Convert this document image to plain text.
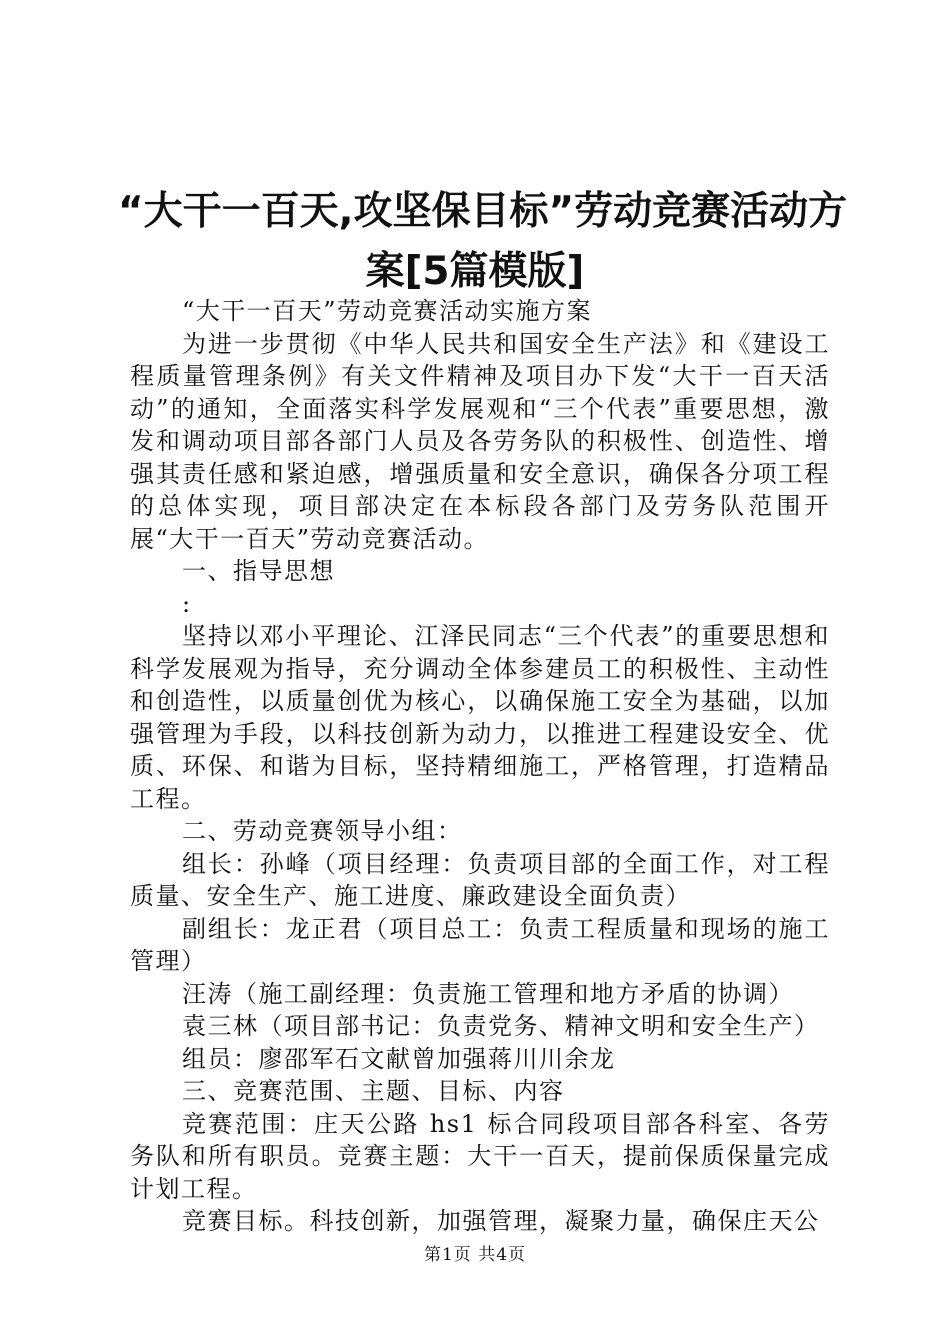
“大干一百天,攻坚保目标”劳动竞赛活动方
案[5篇模版]

“大干一百天”劳动竞赛活动实施方案

为进一步贯彻《中华人民共和国安全生产法》和《建设工程质量管理条例》有关文件精神及项目办下发“大干一百天活动”的通知，全面落实科学发展观和“三个代表”重要思想，激发和调动项目部各部门人员及各劳务队的积极性、创造性、增强其责任感和紧迫感，增强质量和安全意识，确保各分项工程的总体实现，项目部决定在本标段各部门及劳务队范围开展“大干一百天”劳动竞赛活动。

一、指导思想

:

坚持以邓小平理论、江泽民同志“三个代表”的重要思想和科学发展观为指导，充分调动全体参建员工的积极性、主动性和创造性，以质量创优为核心，以确保施工安全为基础，以加强管理为手段，以科技创新为动力，以推进工程建设安全、优质、环保、和谐为目标，坚持精细施工，严格管理，打造精品工程。

二、劳动竞赛领导小组：

组长：孙峰（项目经理：负责项目部的全面工作，对工程质量、安全生产、施工进度、廉政建设全面负责）

副组长：龙正君（项目总工：负责工程质量和现场的施工管理）

汪涛（施工副经理：负责施工管理和地方矛盾的协调）

袁三林（项目部书记：负责党务、精神文明和安全生产）

组员：廖邵军石文献曾加强蒋川川余龙

三、竞赛范围、主题、目标、内容

竞赛范围：庄天公路 hs1 标合同段项目部各科室、各劳务队和所有职员。竞赛主题：大干一百天，提前保质保量完成计划工程。

竞赛目标。科技创新，加强管理，凝聚力量，确保庄天公

第1页 共4页
